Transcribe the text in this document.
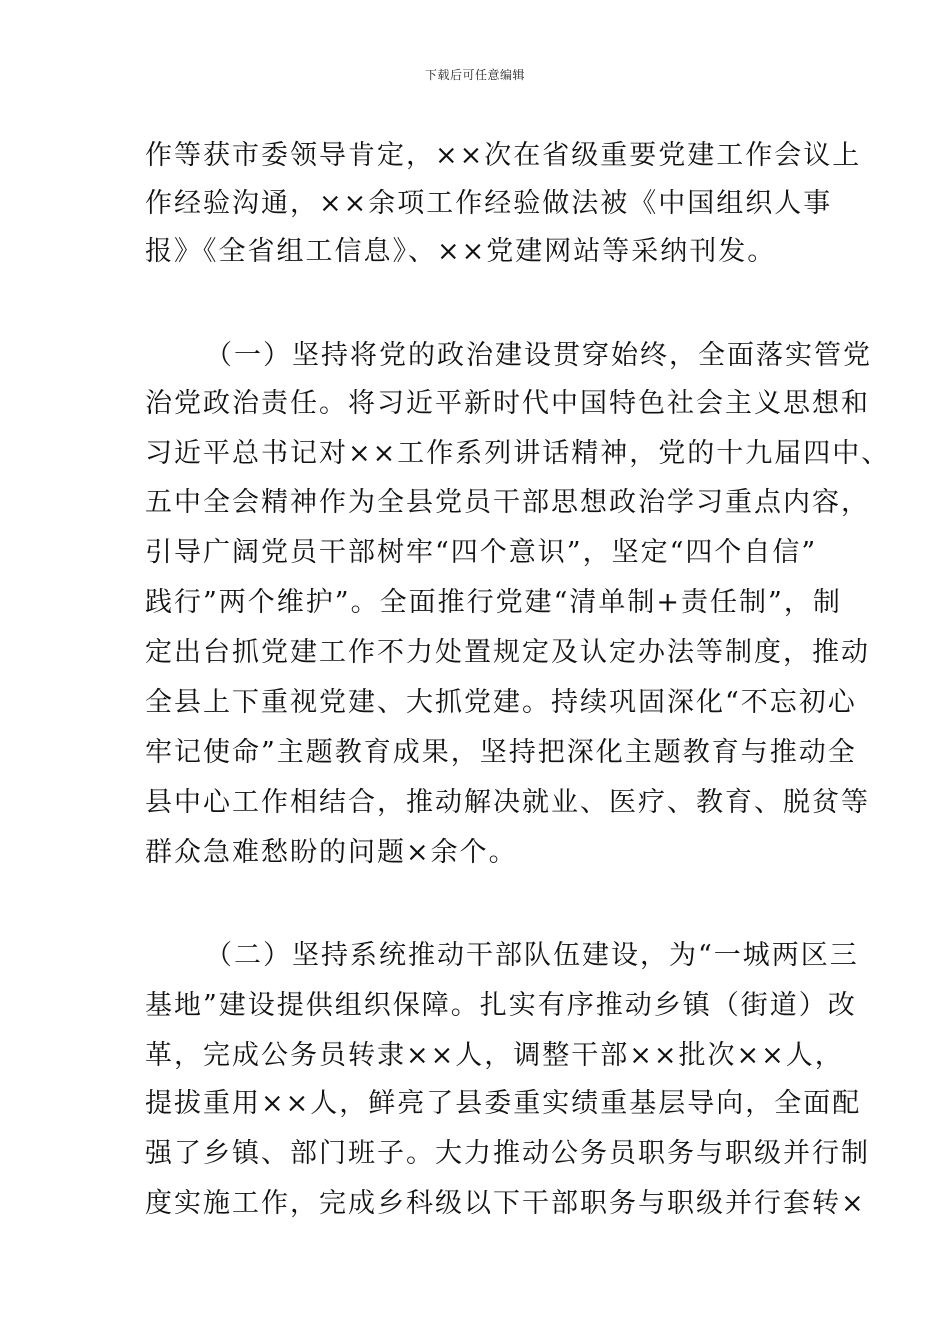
下载后可任意编辑
作等获市委领导肯定，××次在省级重要党建工作会议上
作经验沟通，××余项工作经验做法被《中国组织人事
报》《全省组工信息》、××党建网站等采纳刊发。
（一）坚持将党的政治建设贯穿始终，全面落实管党
治党政治责任。将习近平新时代中国特色社会主义思想和
习近平总书记对××工作系列讲话精神，党的十九届四中、
五中全会精神作为全县党员干部思想政治学习重点内容，
引导广阔党员干部树牢“四个意识”，坚定“四个自信”
践行”两个维护”。全面推行党建“清单制+责任制”，制
定出台抓党建工作不力处置规定及认定办法等制度，推动
全县上下重视党建、大抓党建。持续巩固深化“不忘初心
牢记使命”主题教育成果，坚持把深化主题教育与推动全
县中心工作相结合，推动解决就业、医疗、教育、脱贫等
群众急难愁盼的问题×余个。
（二）坚持系统推动干部队伍建设，为“一城两区三
基地”建设提供组织保障。扎实有序推动乡镇（街道）改
革，完成公务员转隶××人，调整干部××批次××人，
提拔重用××人，鲜亮了县委重实绩重基层导向，全面配
强了乡镇、部门班子。大力推动公务员职务与职级并行制
度实施工作，完成乡科级以下干部职务与职级并行套转×
